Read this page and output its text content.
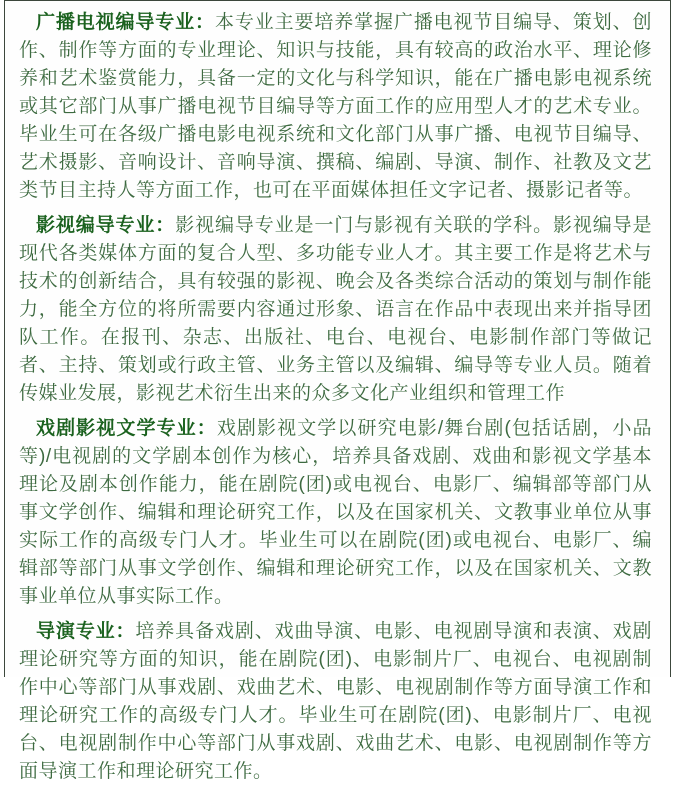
广播电视编导专业：本专业主要培养掌握广播电视节目编导、策划、创作、制作等方面的专业理论、知识与技能，具有较高的政治水平、理论修养和艺术鉴赏能力，具备一定的文化与科学知识，能在广播电影电视系统或其它部门从事广播电视节目编导等方面工作的应用型人才的艺术专业。毕业生可在各级广播电影电视系统和文化部门从事广播、电视节目编导、艺术摄影、音响设计、音响导演、撰稿、编剧、导演、制作、社教及文艺类节目主持人等方面工作，也可在平面媒体担任文字记者、摄影记者等。

影视编导专业：影视编导专业是一门与影视有关联的学科。影视编导是现代各类媒体方面的复合人型、多功能专业人才。其主要工作是将艺术与技术的创新结合，具有较强的影视、晚会及各类综合活动的策划与制作能力，能全方位的将所需要内容通过形象、语言在作品中表现出来并指导团队工作。在报刊、杂志、出版社、电台、电视台、电影制作部门等做记者、主持、策划或行政主管、业务主管以及编辑、编导等专业人员。随着传媒业发展，影视艺术衍生出来的众多文化产业组织和管理工作

戏剧影视文学专业：戏剧影视文学以研究电影/舞台剧(包括话剧，小品等)/电视剧的文学剧本创作为核心，培养具备戏剧、戏曲和影视文学基本理论及剧本创作能力，能在剧院(团)或电视台、电影厂、编辑部等部门从事文学创作、编辑和理论研究工作，以及在国家机关、文教事业单位从事实际工作的高级专门人才。毕业生可以在剧院(团)或电视台、电影厂、编辑部等部门从事文学创作、编辑和理论研究工作，以及在国家机关、文教事业单位从事实际工作。

导演专业：培养具备戏剧、戏曲导演、电影、电视剧导演和表演、戏剧理论研究等方面的知识，能在剧院(团)、电影制片厂、电视台、电视剧制作中心等部门从事戏剧、戏曲艺术、电影、电视剧制作等方面导演工作和理论研究工作的高级专门人才。毕业生可在剧院(团)、电影制片厂、电视台、电视剧制作中心等部门从事戏剧、戏曲艺术、电影、电视剧制作等方面导演工作和理论研究工作。
